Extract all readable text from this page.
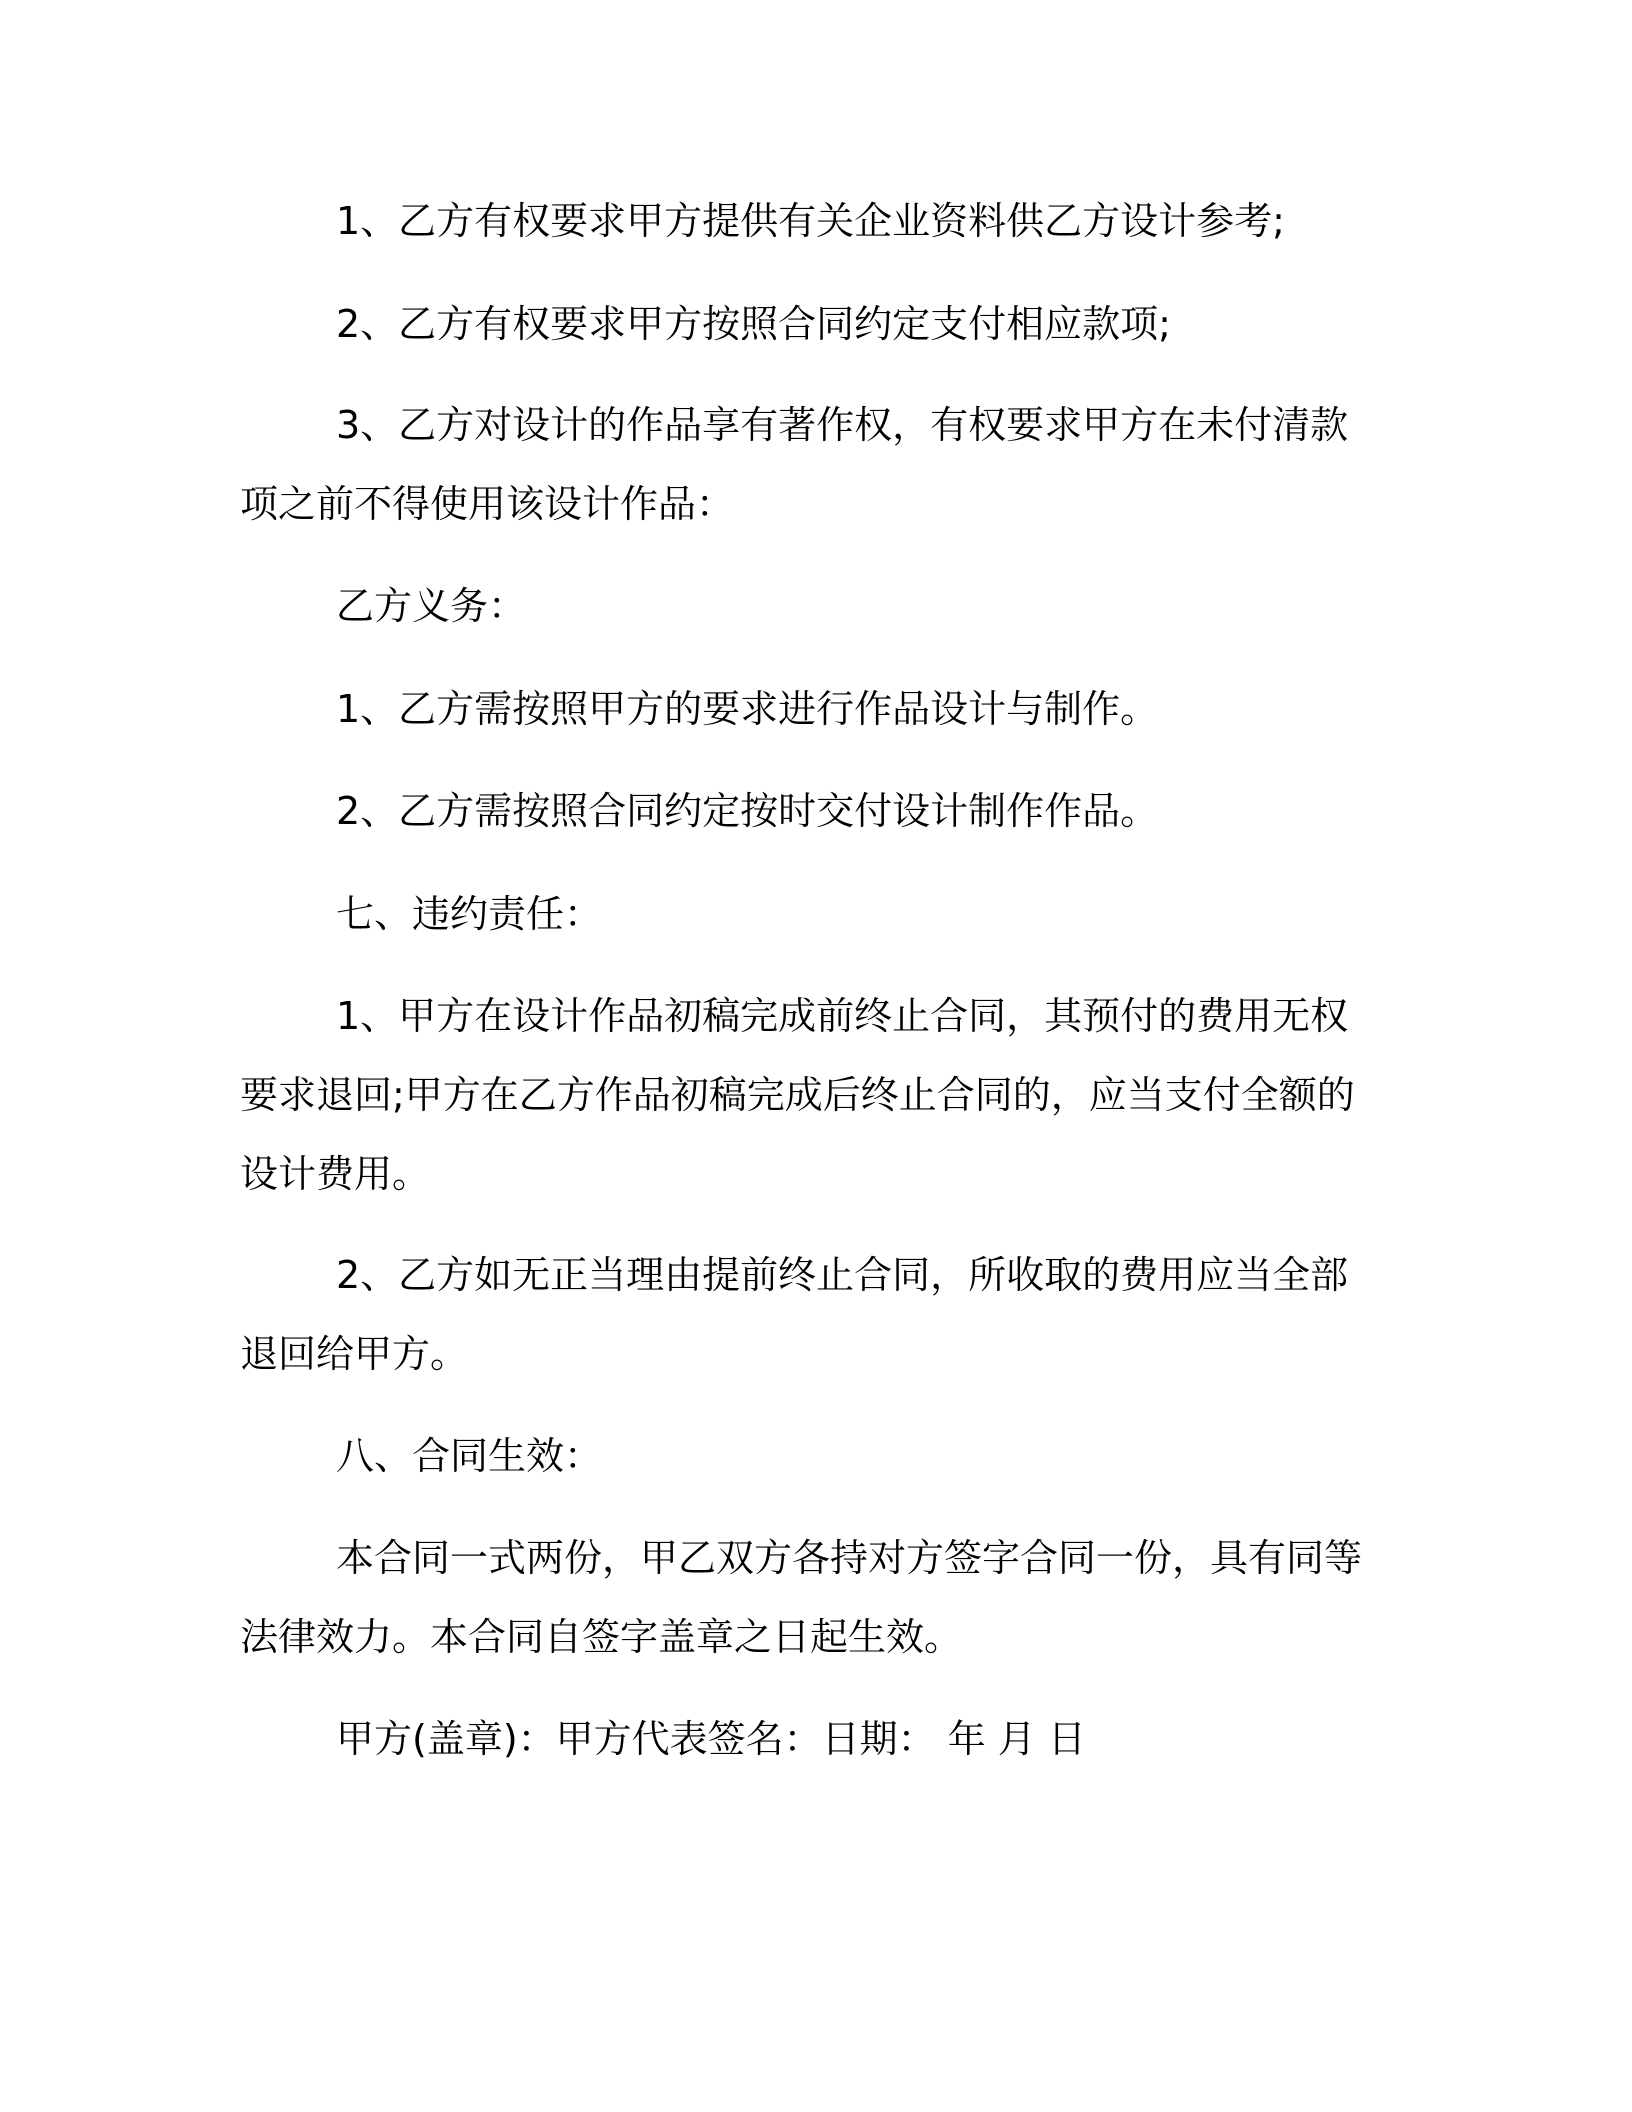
1、乙方有权要求甲方提供有关企业资料供乙方设计参考;

2、乙方有权要求甲方按照合同约定支付相应款项;

3、乙方对设计的作品享有著作权，有权要求甲方在未付清款项之前不得使用该设计作品：

乙方义务：

1、乙方需按照甲方的要求进行作品设计与制作。

2、乙方需按照合同约定按时交付设计制作作品。

七、违约责任：

1、甲方在设计作品初稿完成前终止合同，其预付的费用无权要求退回;甲方在乙方作品初稿完成后终止合同的，应当支付全额的设计费用。

2、乙方如无正当理由提前终止合同，所收取的费用应当全部退回给甲方。

八、合同生效：

本合同一式两份，甲乙双方各持对方签字合同一份，具有同等法律效力。本合同自签字盖章之日起生效。

甲方(盖章)：甲方代表签名：日期： 年 月 日
